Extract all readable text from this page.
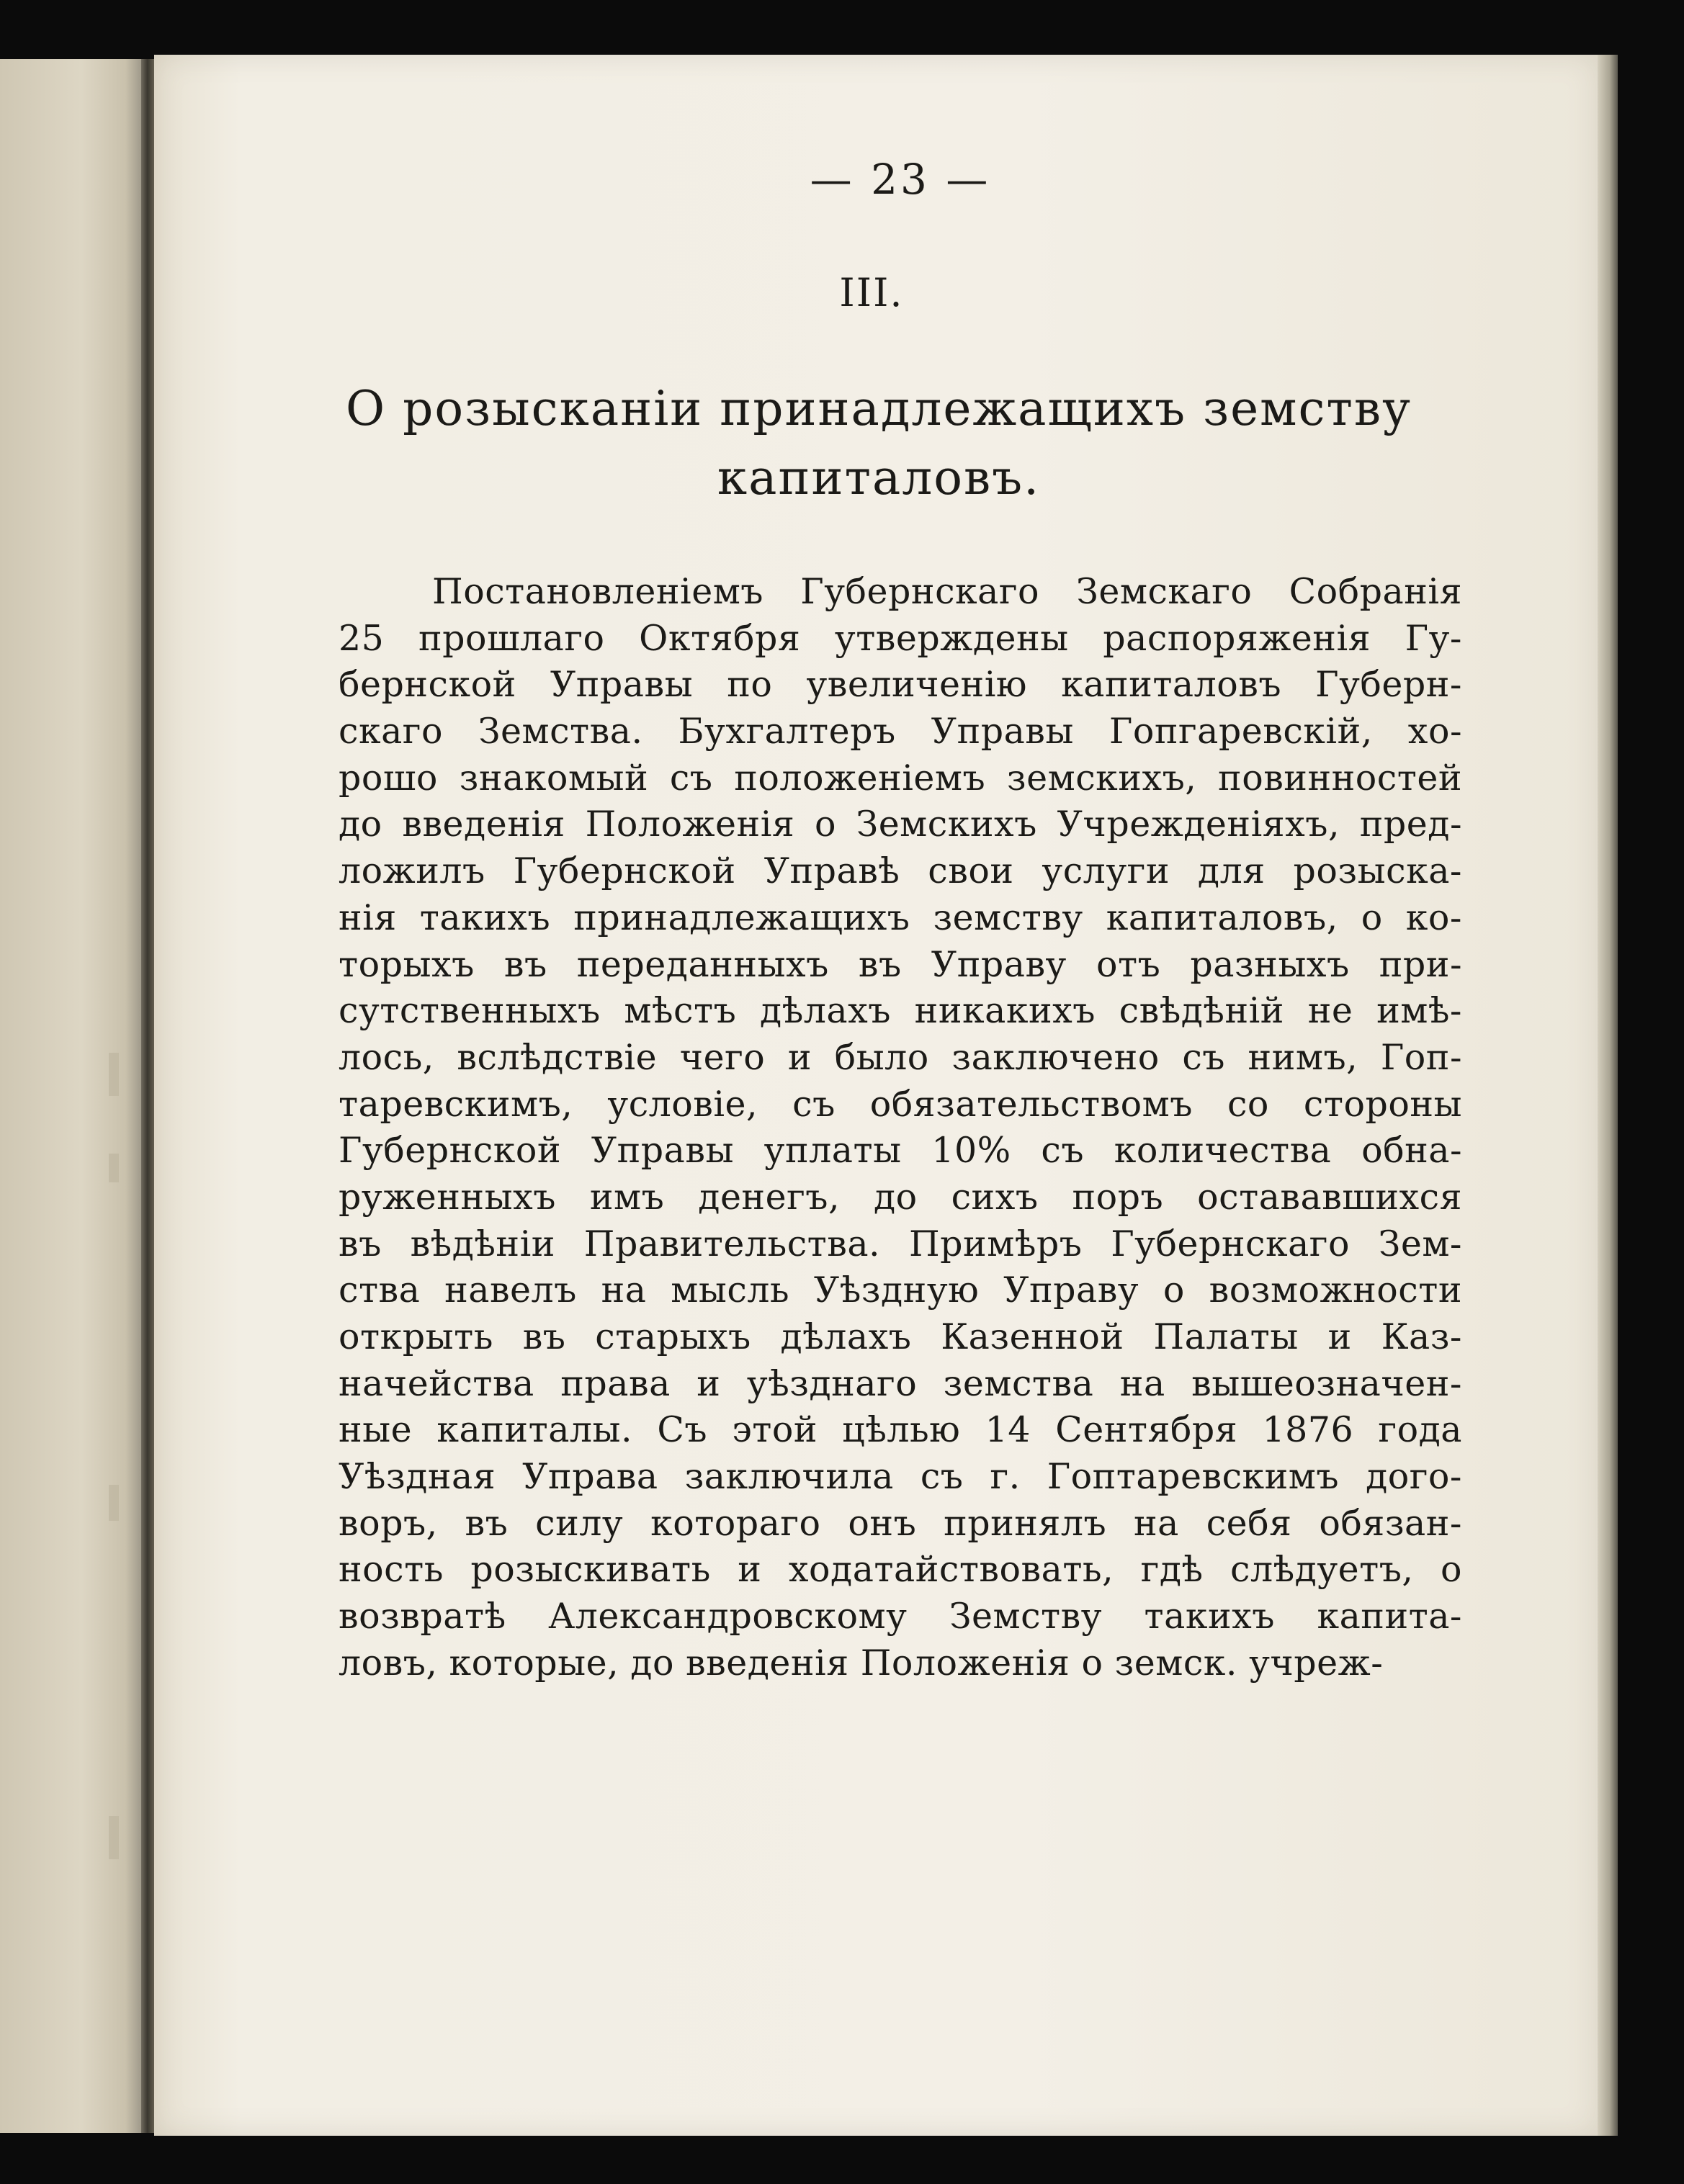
— 23 —
III.
О розысканіи принадлежащихъ земству
капиталовъ.
Постановленіемъ Губернскаго Земскаго Собранія
25 прошлаго Октября утверждены распоряженія Гу-
бернской Управы по увеличенію капиталовъ Губерн-
скаго Земства. Бухгалтеръ Управы Гопгаревскій, хо-
рошо знакомый съ положеніемъ земскихъ, повинностей
до введенія Положенія о Земскихъ Учрежденіяхъ, пред-
ложилъ Губернской Управѣ свои услуги для розыска-
нія такихъ принадлежащихъ земству капиталовъ, о ко-
торыхъ въ переданныхъ въ Управу отъ разныхъ при-
сутственныхъ мѣстъ дѣлахъ никакихъ свѣдѣній не имѣ-
лось, вслѣдствіе чего и было заключено съ нимъ, Гоп-
таревскимъ, условіе, съ обязательствомъ со стороны
Губернской Управы уплаты 10% съ количества обна-
руженныхъ имъ денегъ, до сихъ поръ остававшихся
въ вѣдѣніи Правительства. Примѣръ Губернскаго Зем-
ства навелъ на мысль Уѣздную Управу о возможности
открыть въ старыхъ дѣлахъ Казенной Палаты и Каз-
начейства права и уѣзднаго земства на вышеозначен-
ные капиталы. Съ этой цѣлью 14 Сентября 1876 года
Уѣздная Управа заключила съ г. Гоптаревскимъ дого-
воръ, въ силу котораго онъ принялъ на себя обязан-
ность розыскивать и ходатайствовать, гдѣ слѣдуетъ, о
возвратѣ Александровскому Земству такихъ капита-
ловъ, которые, до введенія Положенія о земск. учреж-
